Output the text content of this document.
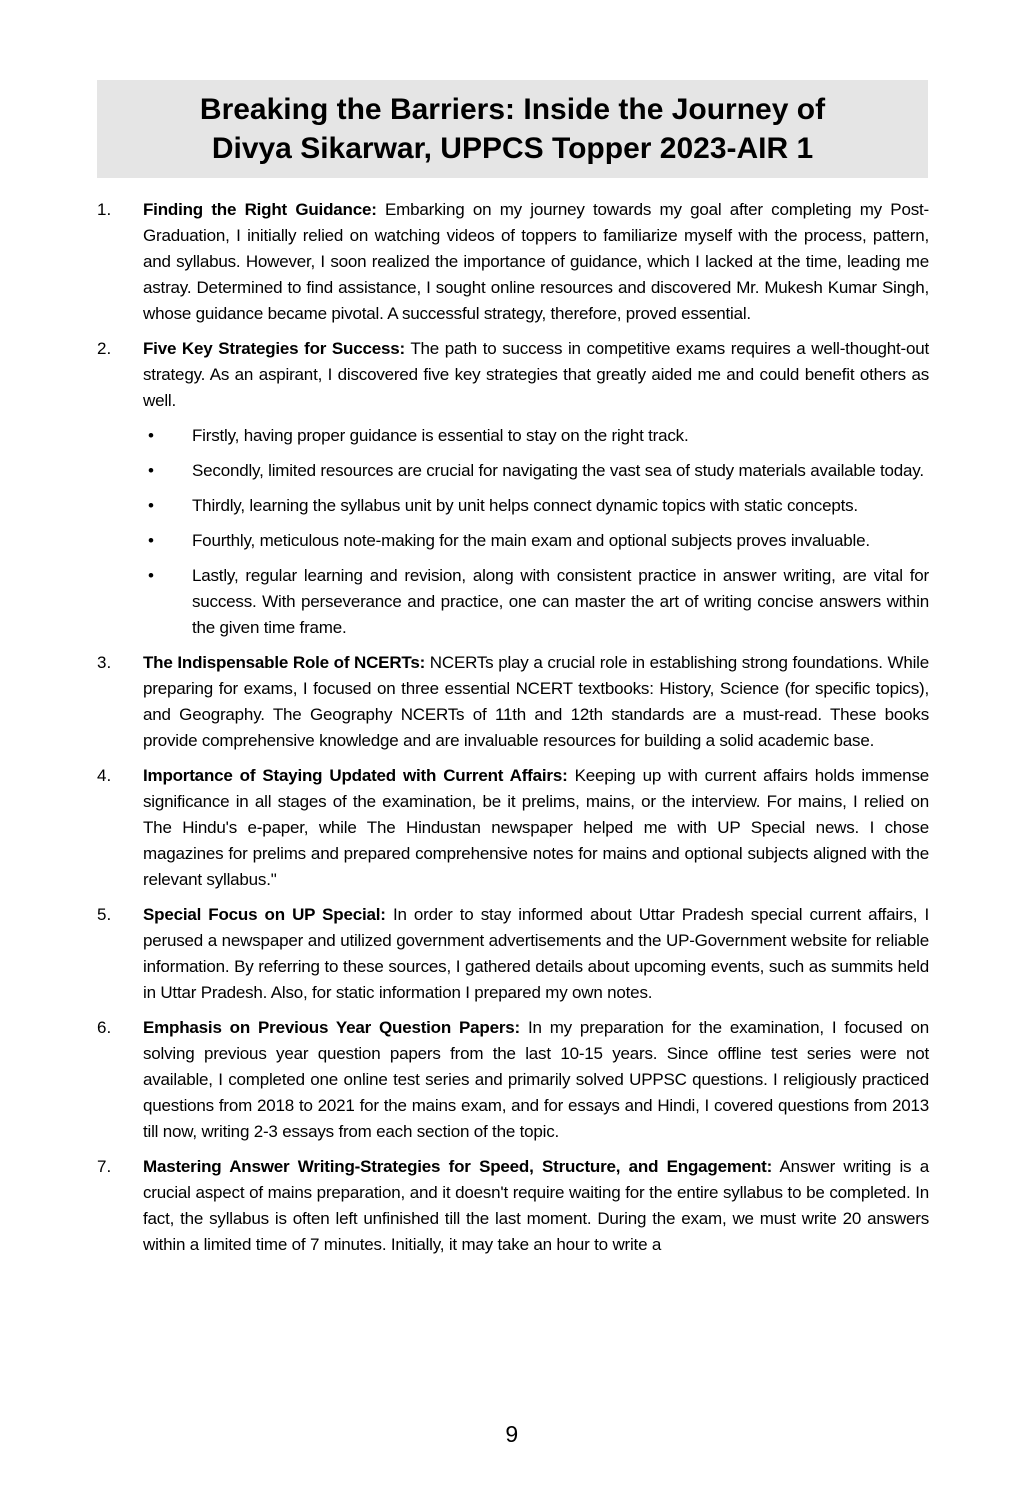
Breaking the Barriers: Inside the Journey of
Divya Sikarwar, UPPCS Topper 2023-AIR 1
1.	Finding the Right Guidance: Embarking on my journey towards my goal after completing my Post-Graduation, I initially relied on watching videos of toppers to familiarize myself with the process, pattern, and syllabus. However, I soon realized the importance of guidance, which I lacked at the time, leading me astray. Determined to find assistance, I sought online resources and discovered Mr. Mukesh Kumar Singh, whose guidance became pivotal. A successful strategy, therefore, proved essential.

2.	Five Key Strategies for Success: The path to success in competitive exams requires a well-thought-out strategy. As an aspirant, I discovered five key strategies that greatly aided me and could benefit others as well.

•	Firstly, having proper guidance is essential to stay on the right track.
•	Secondly, limited resources are crucial for navigating the vast sea of study materials available today.
•	Thirdly, learning the syllabus unit by unit helps connect dynamic topics with static concepts.
•	Fourthly, meticulous note-making for the main exam and optional subjects proves invaluable.
•	Lastly, regular learning and revision, along with consistent practice in answer writing, are vital for success. With perseverance and practice, one can master the art of writing concise answers within the given time frame.
3.	The Indispensable Role of NCERTs: NCERTs play a crucial role in establishing strong foundations. While preparing for exams, I focused on three essential NCERT textbooks: History, Science (for specific topics), and Geography. The Geography NCERTs of 11th and 12th standards are a must-read. These books provide comprehensive knowledge and are invaluable resources for building a solid academic base.

4.	Importance of Staying Updated with Current Affairs: Keeping up with current affairs holds immense significance in all stages of the examination, be it prelims, mains, or the interview. For mains, I relied on The Hindu's e-paper, while The Hindustan newspaper helped me with UP Special news. I chose magazines for prelims and prepared comprehensive notes for mains and optional subjects aligned with the relevant syllabus."

5.	Special Focus on UP Special: In order to stay informed about Uttar Pradesh special current affairs, I perused a newspaper and utilized government advertisements and the UP-Government website for reliable information. By referring to these sources, I gathered details about upcoming events, such as summits held in Uttar Pradesh. Also, for static information I prepared my own notes.

6.	Emphasis on Previous Year Question Papers: In my preparation for the examination, I focused on solving previous year question papers from the last 10-15 years. Since offline test series were not available, I completed one online test series and primarily solved UPPSC questions. I religiously practiced questions from 2018 to 2021 for the mains exam, and for essays and Hindi, I covered questions from 2013 till now, writing 2-3 essays from each section of the topic.

7.	Mastering Answer Writing-Strategies for Speed, Structure, and Engagement: Answer writing is a crucial aspect of mains preparation, and it doesn't require waiting for the entire syllabus to be completed. In fact, the syllabus is often left unfinished till the last moment. During the exam, we must write 20 answers within a limited time of 7 minutes. Initially, it may take an hour to write a

9
